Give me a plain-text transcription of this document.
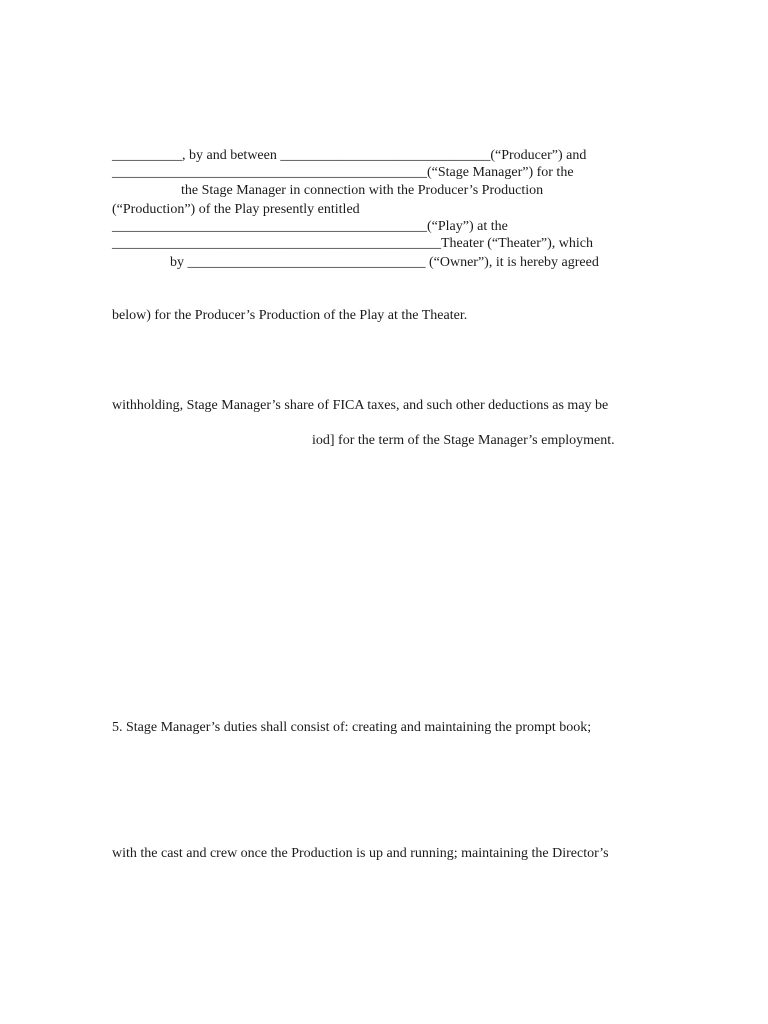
__________, by and between ______________________________(“Producer”) and
_____________________________________________(“Stage Manager”) for the
the Stage Manager in connection with the Producer’s Production
(“Production”) of the Play presently entitled
_____________________________________________(“Play”) at the
_______________________________________________Theater (“Theater”), which
by __________________________________ (“Owner”), it is hereby agreed
below) for the Producer’s Production of the Play at the Theater.
withholding, Stage Manager’s share of FICA taxes, and such other deductions as may be
iod] for the term of the Stage Manager’s employment.
5. Stage Manager’s duties shall consist of: creating and maintaining the prompt book;
with the cast and crew once the Production is up and running; maintaining the Director’s
